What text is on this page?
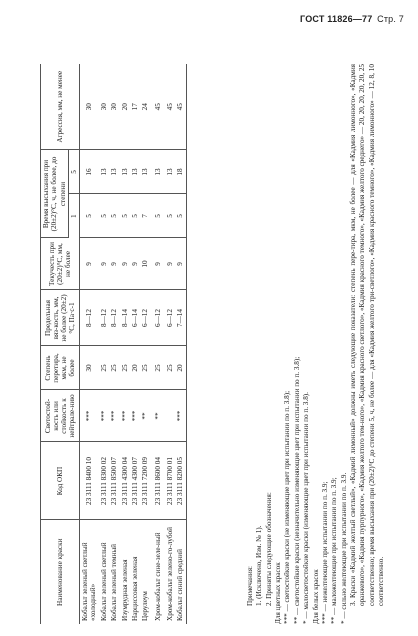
ГОСТ 11826—77 Стр. 7
Наименование краски	Код ОКП	Светостой-кость или стойкость к нейтрале-нию	Степень перетира, мкм, не более	Предельная вяз-кость, мм, не более (20±2)°С, Па·с-1	Текучесть при (20±2)°С, мм, не более	Время высыхания при (20±2)°С, ч, не более, до степени		Агрессия, мм, не менее
						1	5	
Кобальт зеленый светлый «холодный»	23 3111 8400 10	***	30	8—12	9	5	16	30
Кобальт зеленый светлый	23 3111 8300 02	***	25	8—12	9	5	13	30
Кобальт зеленый темный	23 3111 8500 07	***	25	8—12	9	5	13	30
Изумрудная зеленая	23 3111 4300 04	***	25	8—14	9	5	13	20
Нарциссовая зеленая	23 3111 4300 07	***	20	6—14	9	5	13	17
Церулеум	23 3111 7200 09	**	25	6—12	10	7	13	24
Хром-кобальт сине-зеле-ный	23 3111 8600 04	**	25	6—12	9	5	13	45
Хром-кобальт зелено-го-лубой	23 3111 8700 01		25	6—12	9	5	13	45
Кобальт синий средний	23 3111 8200 05	***	20	7—14	9	5	18	45

Примечания: 1. (Исключено, Изм. № 1). 2. Приняты следующие обозначения: Для цветных красок *** — светостойкие краски (не изменяющие цвет при испытании по п. 3.8); ** — светостойкие краски (незначительно изменяющие цвет при испытании по п. 3.8); * — малосветостойкие краски (изменяющие цвет при испытании по п. 3.8). Для белых красок *** — нежелтеющие при испытании по п. 3.9; ** — маложелтеющие при испытании по п. 3.9; * — сильно желтеющие при испытании по п. 3.9. 3. Краски «Кадмий желтый светлый», «Кадмий лимонный» должны иметь следующие показатели: степень пере-тира, мкм, не более — для «Кадмия лимонного», «Кадмия оранжевого», «Кадмия пурпурного», «Кадмия желтого тем-ного», «Кадмия красного светлого», «Кадмия красного темного», «Кадмия желтого среднего» — 20, 20, 20, 20, 20, 25 соответственно; время высыхания при (20±2)°С до степени 5, ч, не более — для «Кадмия желтого три-светлого», «Кадмия красного темного», «Кадмия лимонного» — 12, 8, 10 соответственно.
